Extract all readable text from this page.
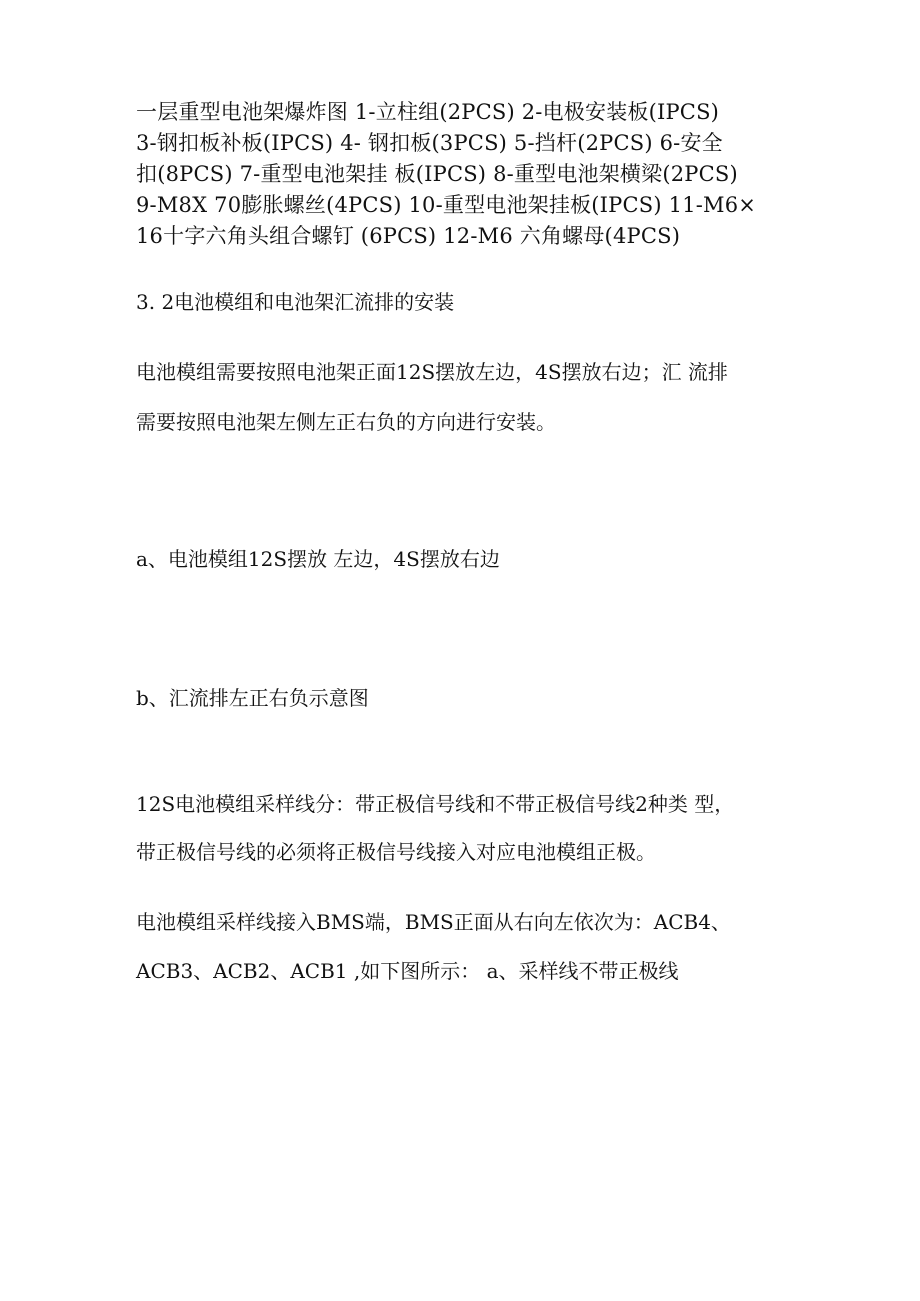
一层重型电池架爆炸图 1-立柱组(2PCS) 2-电极安装板(IPCS)
3-钢扣板补板(IPCS) 4- 钢扣板(3PCS) 5-挡杆(2PCS) 6-安全
扣(8PCS) 7-重型电池架挂 板(IPCS) 8-重型电池架横梁(2PCS)
9-M8X 70膨胀螺丝(4PCS) 10-重型电池架挂板(IPCS) 11-M6×
16十字六角头组合螺钉 (6PCS) 12-M6 六角螺母(4PCS)
3. 2电池模组和电池架汇流排的安装
电池模组需要按照电池架正面12S摆放左边，4S摆放右边；汇 流排
需要按照电池架左侧左正右负的方向进行安装。
a、电池模组12S摆放 左边，4S摆放右边
b、汇流排左正右负示意图
12S电池模组采样线分：带正极信号线和不带正极信号线2种类 型，
带正极信号线的必须将正极信号线接入对应电池模组正极。
电池模组采样线接入BMS端，BMS正面从右向左依次为：ACB4、
ACB3、ACB2、ACB1 ,如下图所示： a、采样线不带正极线
